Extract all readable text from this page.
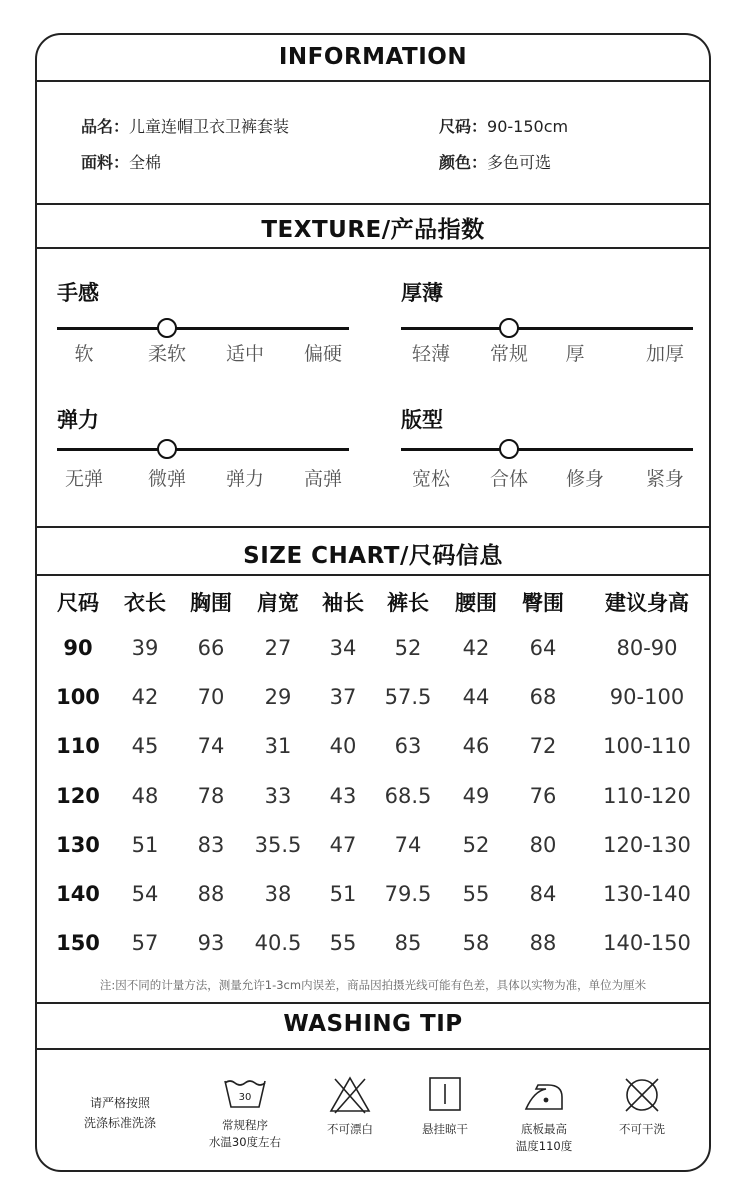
INFORMATION
品名：儿童连帽卫衣卫裤套装	尺码：90-150cm
面料：全棉	颜色：多色可选
TEXTURE/产品指数
手感	厚薄
弹力	版型
软	柔软 适中 偏硬	轻薄 常规 厚	加厚
无弹 微弹 弹力 高弹	宽松 合体 修身 紧身
SIZE CHART/尺码信息
尺码 衣长 胸围 肩宽 袖长 裤长 腰围 臀围 建议身高
90 39 66 27 34 52 42 64	80-90
100 42 70 29 37 57.5 44 68	90-100
110 45 74 31 40 63 46 72 100-110
120 48 78 33 43 68.5 49 76 110-120
130 51 83 35.5 47 74 52 80 120-130
140 54 88 38 51 79.5 55 84 130-140
150 57 93 40.5 55 85 58 88 140-150
注:因不同的计量方法，测量允许1-3cm内误差，商品因拍摄光线可能有色差，具体以实物为准，单位为厘米
WASHING TIP
请严格按照
洗涤标准洗涤
30
常规程序
水温30度左右
不可漂白	悬挂晾干	底板最高
温度110度
不可干洗
